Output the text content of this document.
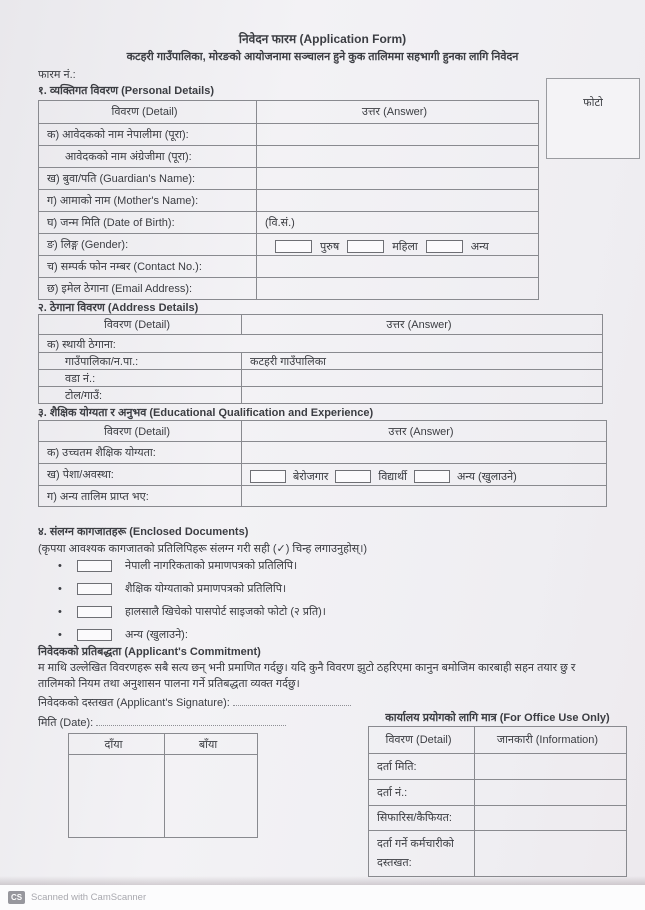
निवेदन फारम (Application Form)
कटहरी गाउँपालिका, मोरङको आयोजनामा सञ्चालन हुने कुक तालिममा सहभागी हुनका लागि निवेदन
फारम नं.:
फोटो
१. व्यक्तिगत विवरण (Personal Details)
विवरण (Detail)	उत्तर (Answer)
क) आवेदकको नाम नेपालीमा (पूरा):
आवेदकको नाम अंग्रेजीमा (पूरा):
ख) बुवा/पति (Guardian's Name):
ग) आमाको नाम (Mother's Name):
घ) जन्म मिति (Date of Birth):	(वि.सं.)
ङ) लिङ्ग (Gender):	पुरुष	महिला	अन्य
च) सम्पर्क फोन नम्बर (Contact No.):
छ) इमेल ठेगाना (Email Address):
२. ठेगाना विवरण (Address Details)
विवरण (Detail)	उत्तर (Answer)
क) स्थायी ठेगाना:
गाउँपालिका/न.पा.:	कटहरी गाउँपालिका
वडा नं.:
टोल/गाउँ:
३. शैक्षिक योग्यता र अनुभव (Educational Qualification and Experience)
विवरण (Detail)	उत्तर (Answer)
क) उच्चतम शैक्षिक योग्यता:
ख) पेशा/अवस्था:	बेरोजगार	विद्यार्थी	अन्य (खुलाउने)
ग) अन्य तालिम प्राप्त भए:
४. संलग्न कागजातहरू (Enclosed Documents)
(कृपया आवश्यक कागजातको प्रतिलिपिहरू संलग्न गरी सही (✓) चिन्ह लगाउनुहोस्।)
•	नेपाली नागरिकताको प्रमाणपत्रको प्रतिलिपि।
•	शैक्षिक योग्यताको प्रमाणपत्रको प्रतिलिपि।
•	हालसालै खिचेको पासपोर्ट साइजको फोटो (२ प्रति)।
•	अन्य (खुलाउने):
निवेदकको प्रतिबद्धता (Applicant's Commitment)
म माथि उल्लेखित विवरणहरू सबै सत्य छन् भनी प्रमाणित गर्दछु। यदि कुनै विवरण झुटो ठहरिएमा कानुन बमोजिम कारबाही सहन तयार छु र
तालिमको नियम तथा अनुशासन पालना गर्ने प्रतिबद्धता व्यक्त गर्दछु।
निवेदकको दस्तखत (Applicant's Signature):
मिति (Date):	कार्यालय प्रयोगको लागि मात्र (For Office Use Only)
विवरण (Detail)	जानकारी (Information)
दर्ता मिति:
दर्ता नं.:
सिफारिस/कैफियत:
दर्ता गर्ने कर्मचारीको दस्तखत:
दाँया	बाँया
CS Scanned with CamScanner
